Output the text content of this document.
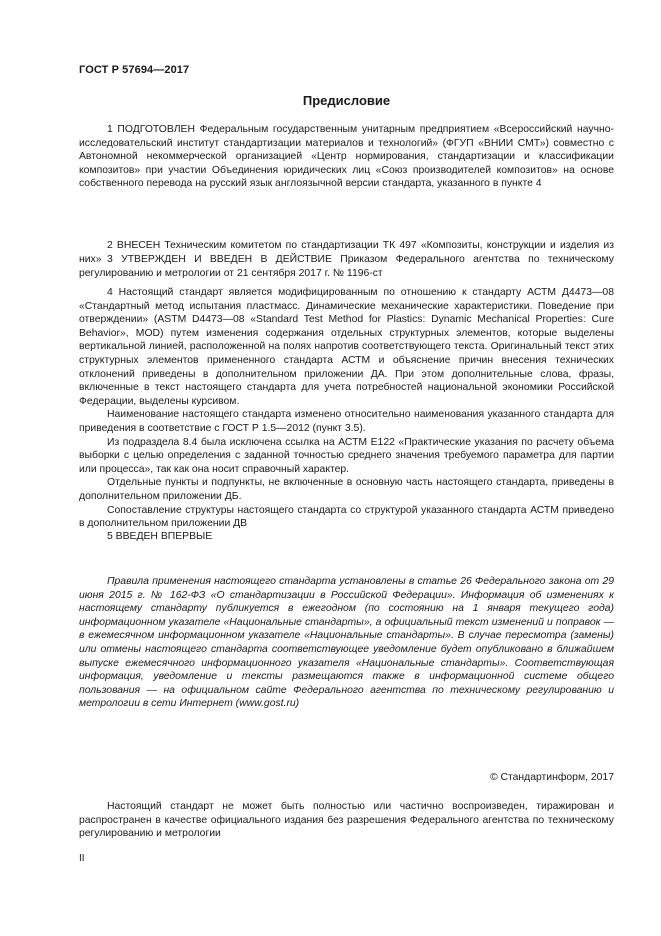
ГОСТ Р 57694—2017
Предисловие

1 ПОДГОТОВЛЕН Федеральным государственным унитарным предприятием «Всероссийский научно-исследовательский институт стандартизации материалов и технологий» (ФГУП «ВНИИ СМТ») совместно с Автономной некоммерческой организацией «Центр нормирования, стандартизации и классификации композитов» при участии Объединения юридических лиц «Союз производителей композитов» на основе собственного перевода на русский язык англоязычной версии стандарта, указанного в пункте 4

2 ВНЕСЕН Техническим комитетом по стандартизации ТК 497 «Композиты, конструкции и изделия из них» 3 УТВЕРЖДЕН И ВВЕДЕН В ДЕЙСТВИЕ Приказом Федерального агентства по техническому регулированию и метрологии от 21 сентября 2017 г. № 1196-ст

4 Настоящий стандарт является модифицированным по отношению к стандарту АСТМ Д4473—08 «Стандартный метод испытания пластмасс. Динамические механические характеристики. Поведение при отверждении» (ASTM D4473—08 «Standard Test Method for Plastics: Dynamic Mechanical Properties: Cure Behavior», MOD) путем изменения содержания отдельных структурных элементов, которые выделены вертикальной линией, расположенной на полях напротив соответствующего текста. Оригинальный текст этих структурных элементов примененного стандарта АСТМ и объяснение причин внесения технических отклонений приведены в дополнительном приложении ДА. При этом дополнительные слова, фразы, включенные в текст настоящего стандарта для учета потребностей национальной экономики Российской Федерации, выделены курсивом.

Наименование настоящего стандарта изменено относительно наименования указанного стандарта для приведения в соответствие с ГОСТ Р 1.5—2012 (пункт 3.5).

Из подраздела 8.4 была исключена ссылка на АСТМ Е122 «Практические указания по расчету объема выборки с целью определения с заданной точностью среднего значения требуемого параметра для партии или процесса», так как она носит справочный характер.

Отдельные пункты и подпункты, не включенные в основную часть настоящего стандарта, приведены в дополнительном приложении ДБ.

Сопоставление структуры настоящего стандарта со структурой указанного стандарта АСТМ приведено в дополнительном приложении ДВ

5 ВВЕДЕН ВПЕРВЫЕ

Правила применения настоящего стандарта установлены в статье 26 Федерального закона от 29 июня 2015 г. № 162-ФЗ «О стандартизации в Российской Федерации». Информация об изменениях к настоящему стандарту публикуется в ежегодном (по состоянию на 1 января текущего года) информационном указателе «Национальные стандарты», а официальный текст изменений и поправок — в ежемесячном информационном указателе «Национальные стандарты». В случае пересмотра (замены) или отмены настоящего стандарта соответствующее уведомление будет опубликовано в ближайшем выпуске ежемесячного информационного указателя «Национальные стандарты». Соответствующая информация, уведомление и тексты размещаются также в информационной системе общего пользования — на официальном сайте Федерального агентства по техническому регулированию и метрологии в сети Интернет (www.gost.ru)

© Стандартинформ, 2017

Настоящий стандарт не может быть полностью или частично воспроизведен, тиражирован и распространен в качестве официального издания без разрешения Федерального агентства по техническому регулированию и метрологии

II
